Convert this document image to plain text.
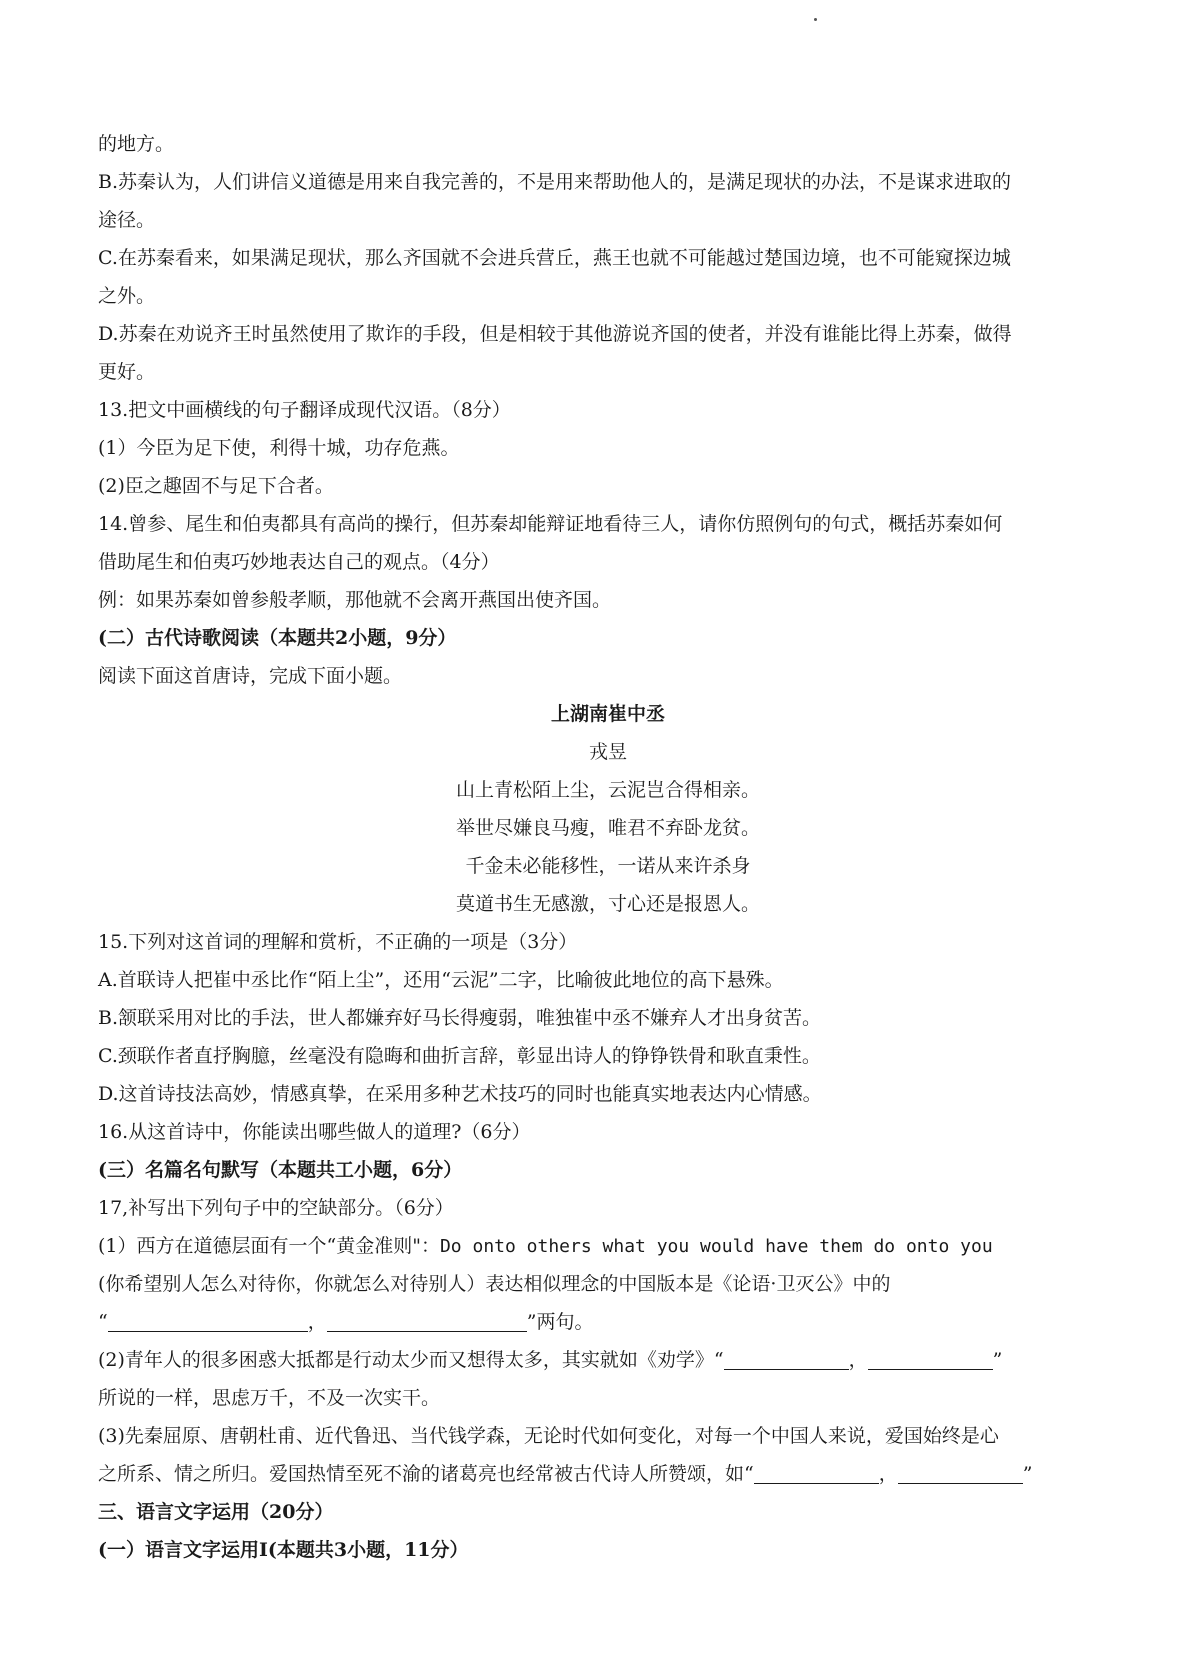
的地方。
B.苏秦认为，人们讲信义道德是用来自我完善的，不是用来帮助他人的，是满足现状的办法，不是谋求进取的
途径。
C.在苏秦看来，如果满足现状，那么齐国就不会进兵营丘，燕王也就不可能越过楚国边境，也不可能窥探边城
之外。
D.苏秦在劝说齐王时虽然使用了欺诈的手段，但是相较于其他游说齐国的使者，并没有谁能比得上苏秦，做得
更好。
13.把文中画横线的句子翻译成现代汉语。（8分）
(1）今臣为足下使，利得十城，功存危燕。
(2)臣之趣固不与足下合者。
14.曾参、尾生和伯夷都具有高尚的操行，但苏秦却能辩证地看待三人，请你仿照例句的句式，概括苏秦如何
借助尾生和伯夷巧妙地表达自己的观点。（4分）
例：如果苏秦如曾参般孝顺，那他就不会离开燕国出使齐国。
(二）古代诗歌阅读（本题共2小题，9分）
阅读下面这首唐诗，完成下面小题。
上湖南崔中丞
戎昱
山上青松陌上尘，云泥岂合得相亲。
举世尽嫌良马瘦，唯君不弃卧龙贫。
千金未必能移性，一诺从来许杀身
莫道书生无感激，寸心还是报恩人。
15.下列对这首词的理解和赏析，不正确的一项是（3分）
A.首联诗人把崔中丞比作“陌上尘”，还用“云泥”二字，比喻彼此地位的高下悬殊。
B.颔联采用对比的手法，世人都嫌弃好马长得瘦弱，唯独崔中丞不嫌弃人才出身贫苦。
C.颈联作者直抒胸臆，丝毫没有隐晦和曲折言辞，彰显出诗人的铮铮铁骨和耿直秉性。
D.这首诗技法高妙，情感真挚，在采用多种艺术技巧的同时也能真实地表达内心情感。
16.从这首诗中，你能读出哪些做人的道理?（6分）
(三）名篇名句默写（本题共工小题，6分）
17,补写出下列句子中的空缺部分。（6分）
(1）西方在道德层面有一个“黄金准则"：Do onto others what you would have them do onto you
(你希望别人怎么对待你，你就怎么对待别人）表达相似理念的中国版本是《论语·卫灭公》中的
“	，	”两句。
(2)青年人的很多困惑大抵都是行动太少而又想得太多，其实就如《劝学》“	，	”
所说的一样，思虑万千，不及一次实干。
(3)先秦屈原、唐朝杜甫、近代鲁迅、当代钱学森，无论时代如何变化，对每一个中国人来说，爱国始终是心
之所系、情之所归。爱国热情至死不渝的诸葛亮也经常被古代诗人所赞颂，如“	，	”
三、语言文字运用（20分）
(一）语言文字运用Ⅰ(本题共3小题，11分）
